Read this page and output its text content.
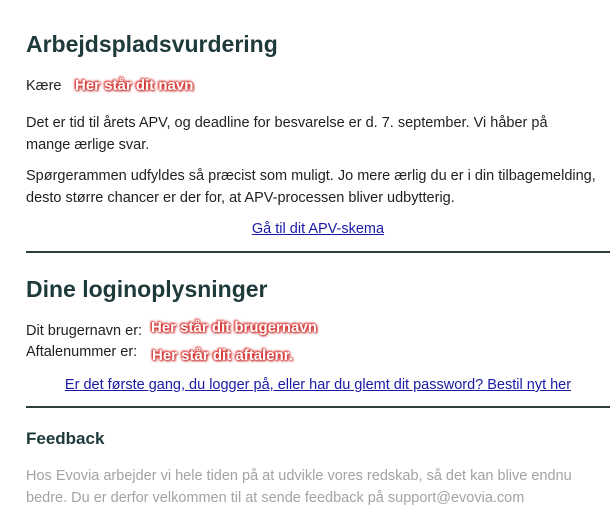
Arbejdspladsvurdering
Kære Her står dit navn
Det er tid til årets APV, og deadline for besvarelse er d. 7. september. Vi håber på mange ærlige svar.
Spørgerammen udfyldes så præcist som muligt. Jo mere ærlig du er i din tilbagemelding, desto større chancer er der for, at APV-processen bliver udbytterig.
Gå til dit APV-skema
Dine loginoplysninger
Dit brugernavn er: Her står dit brugernavn
Aftalenummer er: Her står dit aftalenr.
Er det første gang, du logger på, eller har du glemt dit password? Bestil nyt her
Feedback
Hos Evovia arbejder vi hele tiden på at udvikle vores redskab, så det kan blive endnu bedre. Du er derfor velkommen til at sende feedback på support@evovia.com
